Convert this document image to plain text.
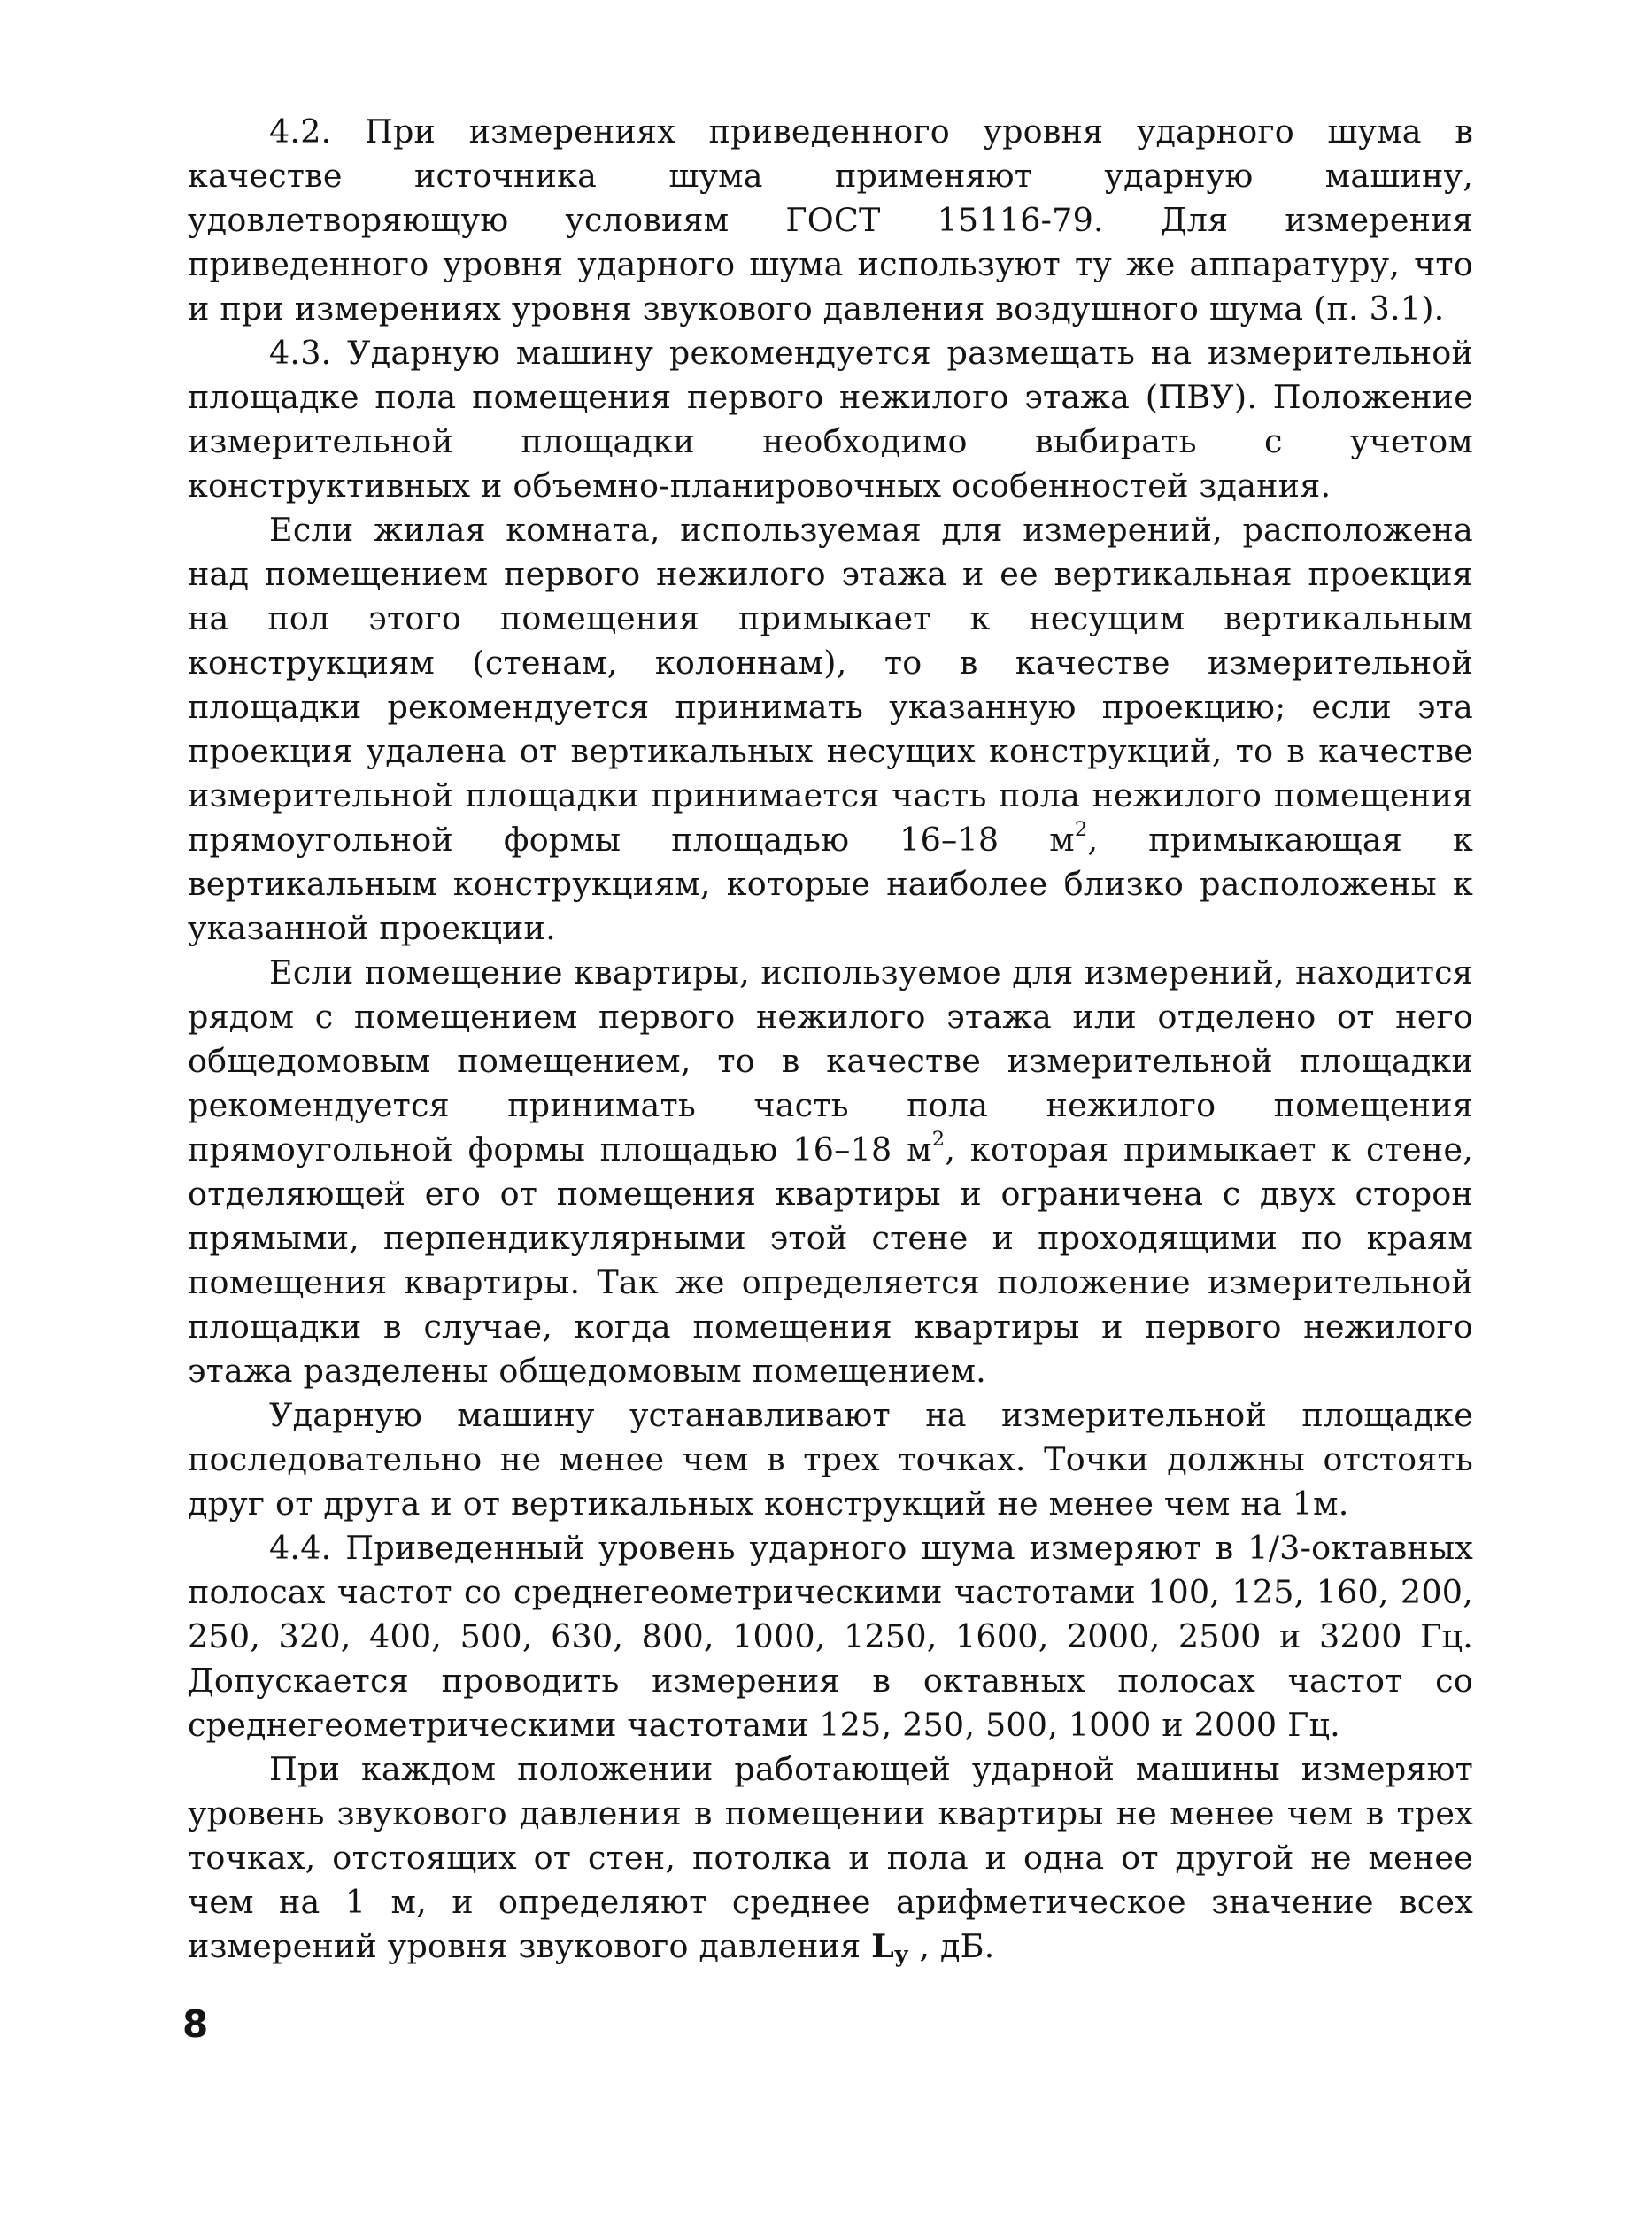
4.2. При измерениях приведенного уровня ударного шума в качестве источника шума применяют ударную машину, удовлетворяющую условиям ГОСТ 15116-79. Для измерения приведенного уровня ударного шума используют ту же аппаратуру, что и при измерениях уровня звукового давления воздушного шума (п. 3.1).

4.3. Ударную машину рекомендуется размещать на измерительной площадке пола помещения первого нежилого этажа (ПВУ). Положение измерительной площадки необходимо выбирать с учетом конструктивных и объемно-планировочных особенностей здания.

Если жилая комната, используемая для измерений, расположена над помещением первого нежилого этажа и ее вертикальная проекция на пол этого помещения примыкает к несущим вертикальным конструкциям (стенам, колоннам), то в качестве измерительной площадки рекомендуется принимать указанную проекцию; если эта проекция удалена от вертикальных несущих конструкций, то в качестве измерительной площадки принимается часть пола нежилого помещения прямоугольной формы площадью 16–18 $м^2$, примыкающая к вертикальным конструкциям, которые наиболее близко расположены к указанной проекции.

Если помещение квартиры, используемое для измерений, находится рядом с помещением первого нежилого этажа или отделено от него общедомовым помещением, то в качестве измерительной площадки рекомендуется принимать часть пола нежилого помещения прямоугольной формы площадью 16–18 $м^2$, которая примыкает к стене, отделяющей его от помещения квартиры и ограничена с двух сторон прямыми, перпендикулярными этой стене и проходящими по краям помещения квартиры. Так же определяется положение измерительной площадки в случае, когда помещения квартиры и первого нежилого этажа разделены общедомовым помещением.

Ударную машину устанавливают на измерительной площадке последовательно не менее чем в трех точках. Точки должны отстоять друг от друга и от вертикальных конструкций не менее чем на 1м.

4.4. Приведенный уровень ударного шума измеряют в 1/3-октавных полосах частот со среднегеометрическими частотами 100, 125, 160, 200, 250, 320, 400, 500, 630, 800, 1000, 1250, 1600, 2000, 2500 и 3200 Гц. Допускается проводить измерения в октавных полосах частот со среднегеометрическими частотами 125, 250, 500, 1000 и 2000 Гц.

При каждом положении работающей ударной машины измеряют уровень звукового давления в помещении квартиры не менее чем в трех точках, отстоящих от стен, потолка и пола и одна от другой не менее чем на 1 м, и определяют среднее арифметическое значение всех измерений уровня звукового давления Lу , дБ.

8
